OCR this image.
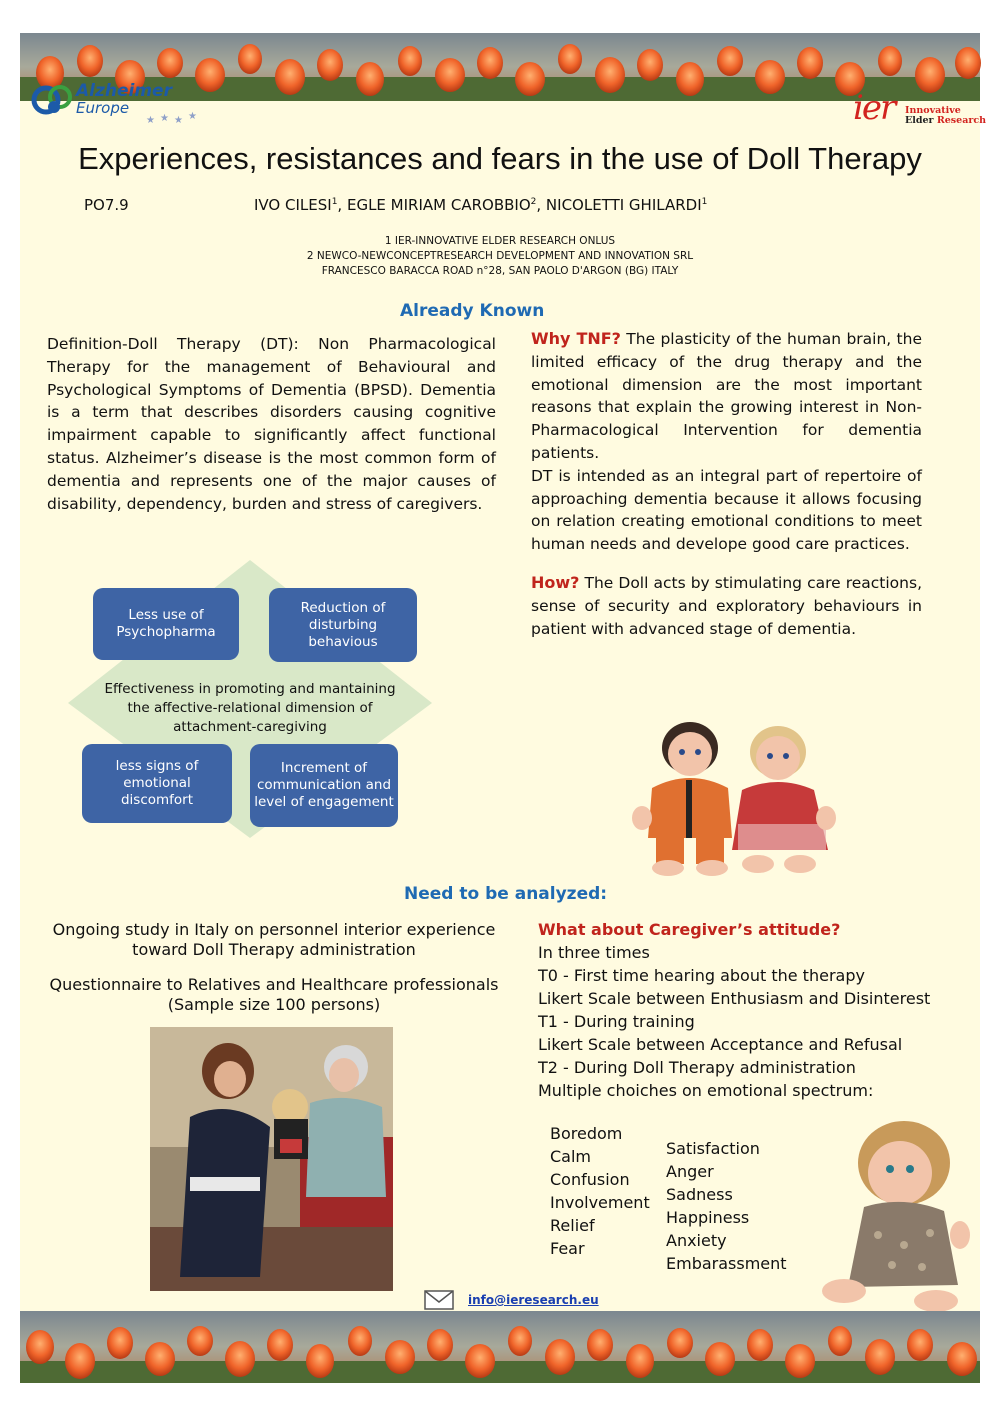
Alzheimer
Europe
★ ★ ★ ★	ier Innovative
Elder Research
Experiences, resistances and fears in the use of Doll Therapy
PO7.9	IVO CILESI$^1$, EGLE MIRIAM CAROBBIO$^2$, NICOLETTI GHILARDI$^1$
1 IER-INNOVATIVE ELDER RESEARCH ONLUS
2 NEWCO-NEWCONCEPTRESEARCH DEVELOPMENT AND INNOVATION SRL
FRANCESCO BARACCA ROAD n°28, SAN PAOLO D'ARGON (BG) ITALY
Already Known
Definition-Doll Therapy (DT): Non Pharmacological Therapy for the management of Behavioural and Psychological Symptoms of Dementia (BPSD). Dementia is a term that describes disorders causing cognitive impairment capable to significantly affect functional status. Alzheimer’s disease is the most common form of dementia and represents one of the major causes of disability, dependency, burden and stress of caregivers.
Why TNF? The plasticity of the human brain, the limited efficacy of the drug therapy and the emotional dimension are the most important reasons that explain the growing interest in Non-Pharmacological Intervention for dementia patients.
DT is intended as an integral part of repertoire of approaching dementia because it allows focusing on relation creating emotional conditions to meet human needs and develope good care practices.
How? The Doll acts by stimulating care reactions, sense of security and exploratory behaviours in patient with advanced stage of dementia.
Less use of Psychopharma
Reduction of disturbing behavious
Effectiveness in promoting and mantaining the affective-relational dimension of attachment-caregiving
less signs of emotional discomfort
Increment of communication and level of engagement
Need to be analyzed:
Ongoing study in Italy on personnel interior experience toward Doll Therapy administration
Questionnaire to Relatives and Healthcare professionals (Sample size 100 persons)
What about Caregiver’s attitude?
In three times
T0 - First time hearing about the therapy
Likert Scale between Enthusiasm and Disinterest
T1 - During training
Likert Scale between Acceptance and Refusal
T2 - During Doll Therapy administration
Multiple choiches on emotional spectrum:
Boredom
Calm
Confusion
Involvement
Relief
Fear
Satisfaction
Anger
Sadness
Happiness
Anxiety
Embarassment
info@ieresearch.eu
